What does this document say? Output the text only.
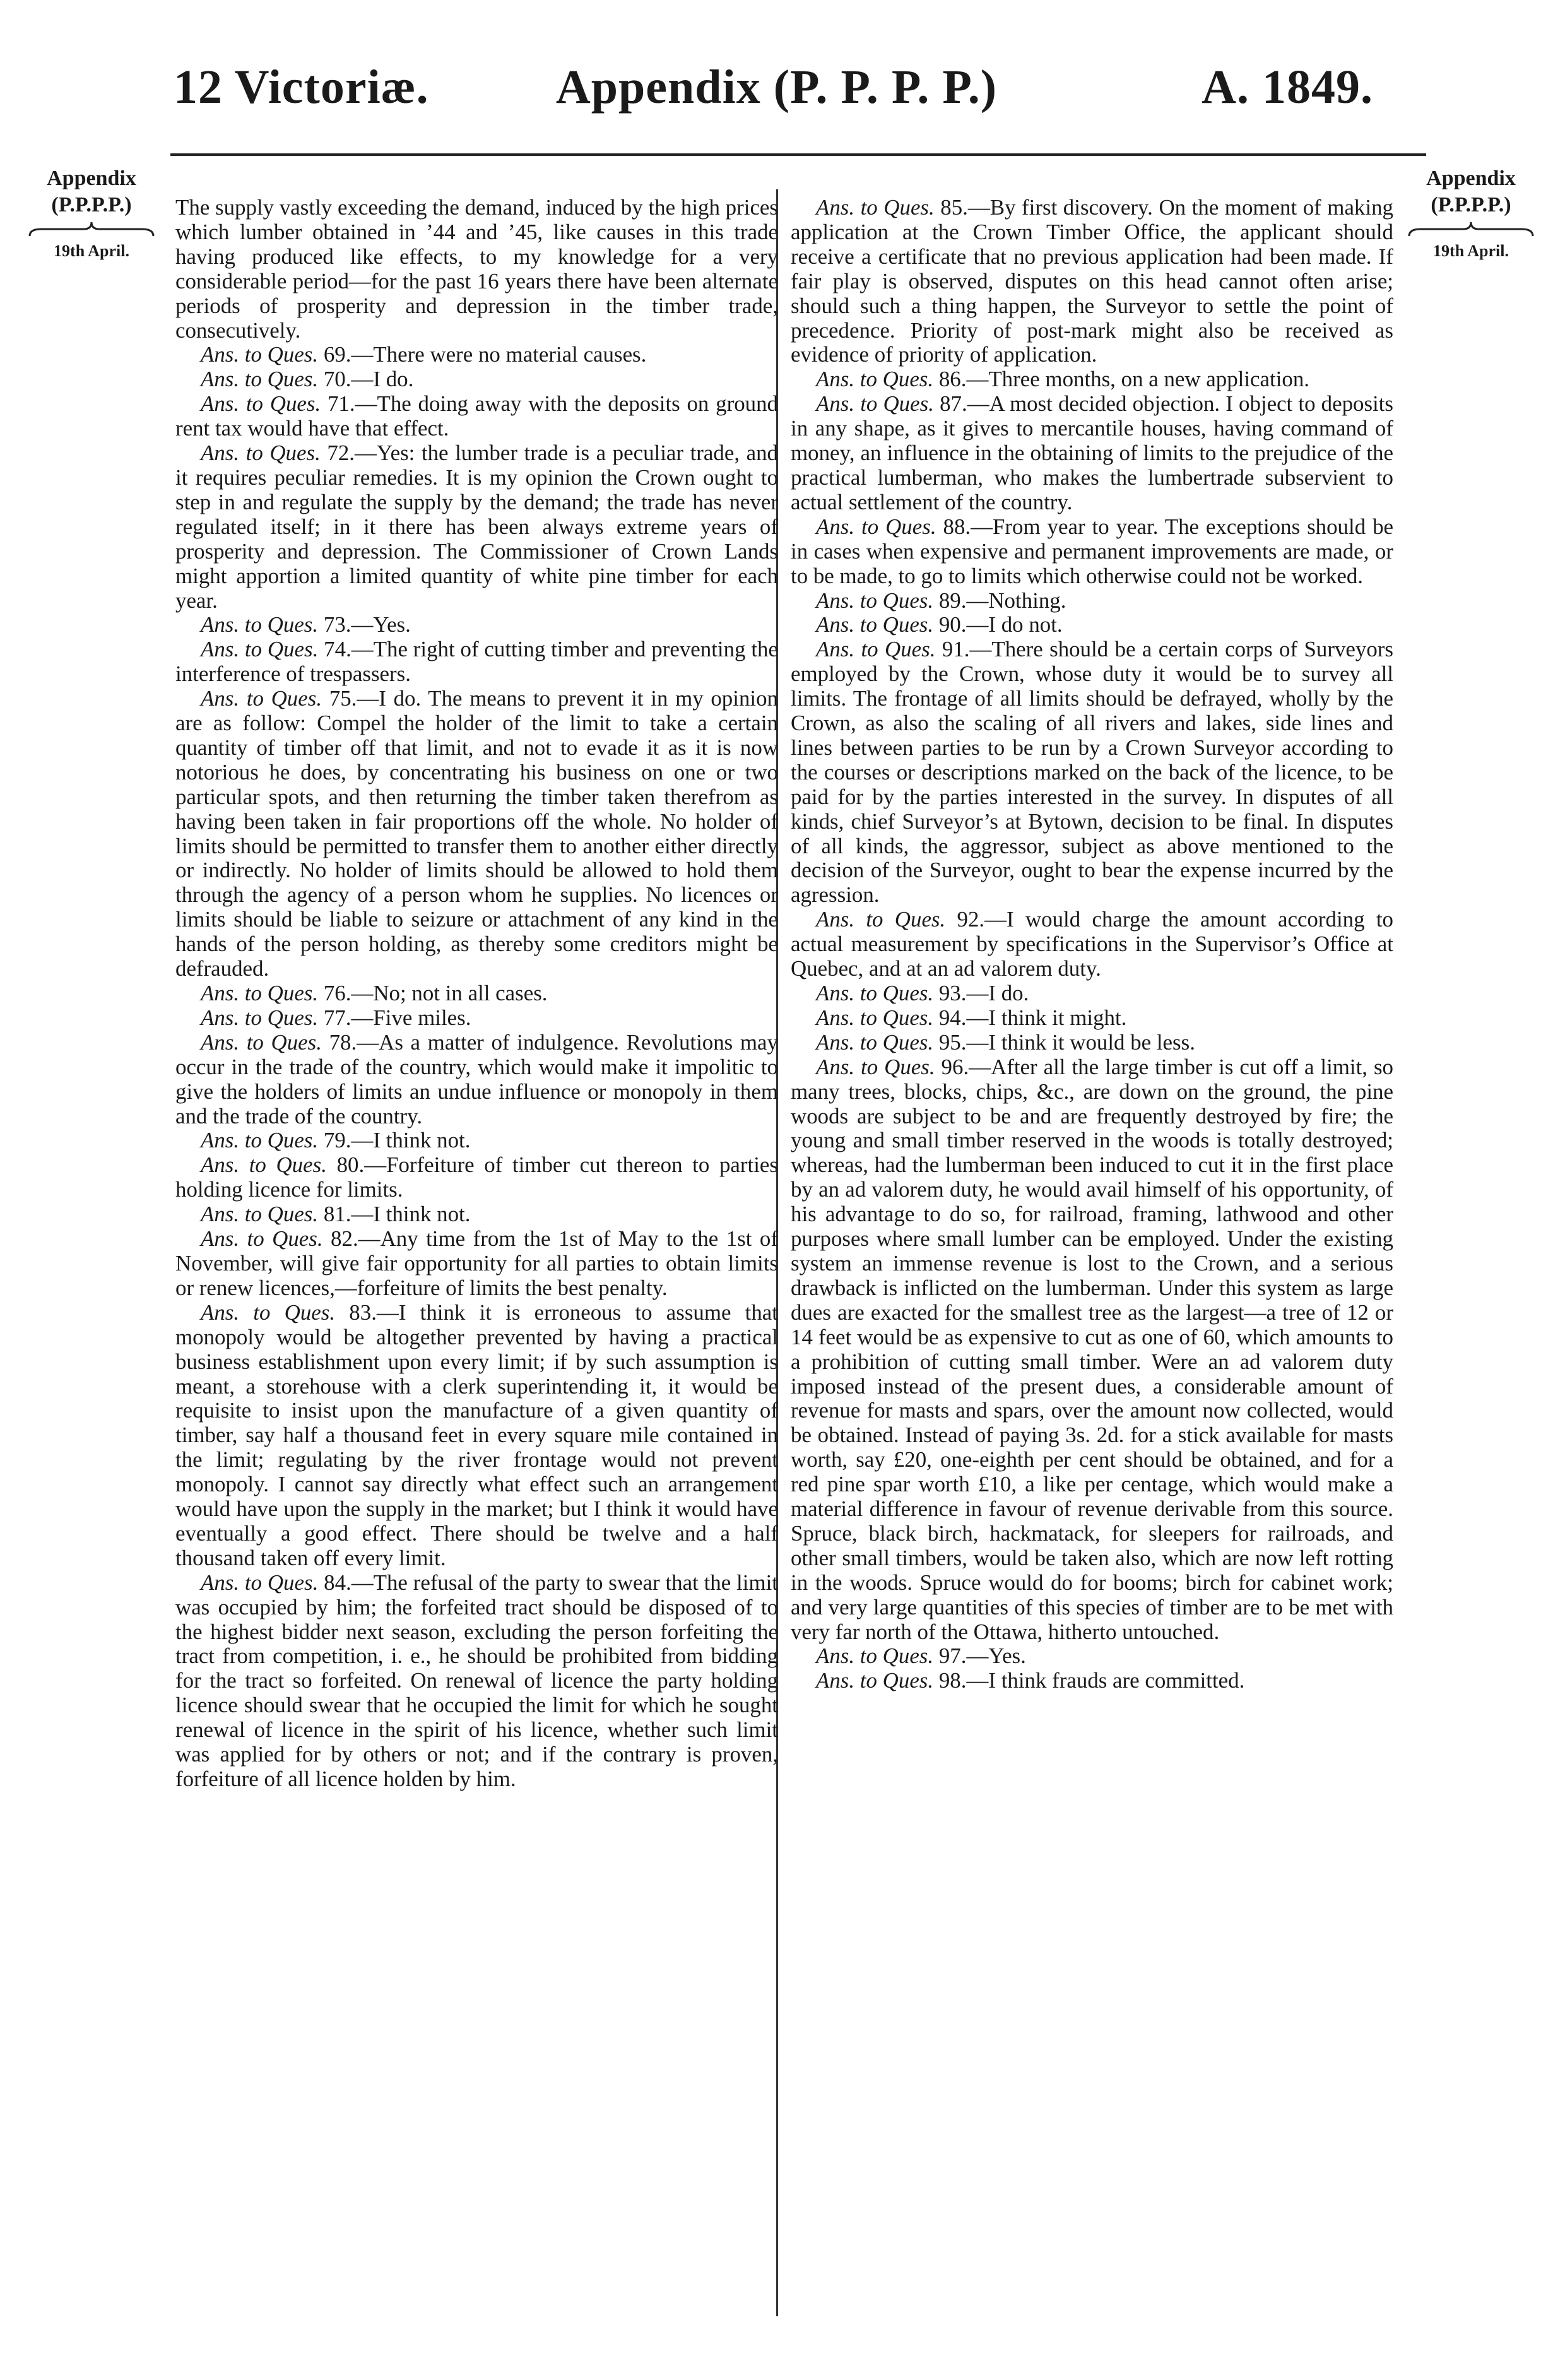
12 Victoriæ.	Appendix (P. P. P. P.)	A. 1849.
Appendix
(P.P.P.P.)
19th April.
Appendix
(P.P.P.P.)
19th April.

The supply vastly exceeding the demand, induced by the high prices which lumber obtained in ’44 and ’45, like causes in this trade having produced like effects, to my knowledge for a very considerable period—for the past 16 years there have been alternate periods of prosperity and depression in the timber trade, consecutively.

Ans. to Ques. 69.—There were no material causes.

Ans. to Ques. 70.—I do.

Ans. to Ques. 71.—The doing away with the deposits on ground rent tax would have that effect.

Ans. to Ques. 72.—Yes: the lumber trade is a peculiar trade, and it requires peculiar remedies. It is my opinion the Crown ought to step in and regulate the supply by the demand; the trade has never regulated itself; in it there has been always extreme years of prosperity and depression. The Commissioner of Crown Lands might apportion a limited quantity of white pine timber for each year.

Ans. to Ques. 73.—Yes.

Ans. to Ques. 74.—The right of cutting timber and preventing the interference of trespassers.

Ans. to Ques. 75.—I do. The means to prevent it in my opinion are as follow: Compel the holder of the limit to take a certain quantity of timber off that limit, and not to evade it as it is now notorious he does, by concentrating his business on one or two particular spots, and then returning the timber taken therefrom as having been taken in fair proportions off the whole. No holder of limits should be permitted to transfer them to another either directly or indirectly. No holder of limits should be allowed to hold them through the agency of a person whom he supplies. No licences or limits should be liable to seizure or attachment of any kind in the hands of the person holding, as thereby some creditors might be defrauded.

Ans. to Ques. 76.—No; not in all cases.

Ans. to Ques. 77.—Five miles.

Ans. to Ques. 78.—As a matter of indulgence. Revolutions may occur in the trade of the country, which would make it impolitic to give the holders of limits an undue influence or monopoly in them and the trade of the country.

Ans. to Ques. 79.—I think not.

Ans. to Ques. 80.—Forfeiture of timber cut thereon to parties holding licence for limits.

Ans. to Ques. 81.—I think not.

Ans. to Ques. 82.—Any time from the 1st of May to the 1st of November, will give fair opportunity for all parties to obtain limits or renew licences,—forfeiture of limits the best penalty.

Ans. to Ques. 83.—I think it is erroneous to assume that monopoly would be altogether prevented by having a practical business establishment upon every limit; if by such assumption is meant, a storehouse with a clerk superintending it, it would be requisite to insist upon the manufacture of a given quantity of timber, say half a thousand feet in every square mile contained in the limit; regulating by the river frontage would not prevent monopoly. I cannot say directly what effect such an arrangement would have upon the supply in the market; but I think it would have eventually a good effect. There should be twelve and a half thousand taken off every limit.

Ans. to Ques. 84.—The refusal of the party to swear that the limit was occupied by him; the forfeited tract should be disposed of to the highest bidder next season, excluding the person forfeiting the tract from competition, i. e., he should be prohibited from bidding for the tract so forfeited. On renewal of licence the party holding licence should swear that he occupied the limit for which he sought renewal of licence in the spirit of his licence, whether such limit was applied for by others or not; and if the contrary is proven, forfeiture of all licence holden by him.

Ans. to Ques. 85.—By first discovery. On the moment of making application at the Crown Timber Office, the applicant should receive a certificate that no previous application had been made. If fair play is observed, disputes on this head cannot often arise; should such a thing happen, the Surveyor to settle the point of precedence. Priority of post-mark might also be received as evidence of priority of application.

Ans. to Ques. 86.—Three months, on a new application.

Ans. to Ques. 87.—A most decided objection. I object to deposits in any shape, as it gives to mercantile houses, having command of money, an influence in the obtaining of limits to the prejudice of the practical lumberman, who makes the lumbertrade subservient to actual settlement of the country.

Ans. to Ques. 88.—From year to year. The exceptions should be in cases when expensive and permanent improvements are made, or to be made, to go to limits which otherwise could not be worked.

Ans. to Ques. 89.—Nothing.

Ans. to Ques. 90.—I do not.

Ans. to Ques. 91.—There should be a certain corps of Surveyors employed by the Crown, whose duty it would be to survey all limits. The frontage of all limits should be defrayed, wholly by the Crown, as also the scaling of all rivers and lakes, side lines and lines between parties to be run by a Crown Surveyor according to the courses or descriptions marked on the back of the licence, to be paid for by the parties interested in the survey. In disputes of all kinds, chief Surveyor’s at Bytown, decision to be final. In disputes of all kinds, the aggressor, subject as above mentioned to the decision of the Surveyor, ought to bear the expense incurred by the agression.

Ans. to Ques. 92.—I would charge the amount according to actual measurement by specifications in the Supervisor’s Office at Quebec, and at an ad valorem duty.

Ans. to Ques. 93.—I do.

Ans. to Ques. 94.—I think it might.

Ans. to Ques. 95.—I think it would be less.

Ans. to Ques. 96.—After all the large timber is cut off a limit, so many trees, blocks, chips, &c., are down on the ground, the pine woods are subject to be and are frequently destroyed by fire; the young and small timber reserved in the woods is totally destroyed; whereas, had the lumberman been induced to cut it in the first place by an ad valorem duty, he would avail himself of his opportunity, of his advantage to do so, for railroad, framing, lathwood and other purposes where small lumber can be employed. Under the existing system an immense revenue is lost to the Crown, and a serious drawback is inflicted on the lumberman. Under this system as large dues are exacted for the smallest tree as the largest—a tree of 12 or 14 feet would be as expensive to cut as one of 60, which amounts to a prohibition of cutting small timber. Were an ad valorem duty imposed instead of the present dues, a considerable amount of revenue for masts and spars, over the amount now collected, would be obtained. Instead of paying 3s. 2d. for a stick available for masts worth, say £20, one-eighth per cent should be obtained, and for a red pine spar worth £10, a like per centage, which would make a material difference in favour of revenue derivable from this source. Spruce, black birch, hackmatack, for sleepers for railroads, and other small timbers, would be taken also, which are now left rotting in the woods. Spruce would do for booms; birch for cabinet work; and very large quantities of this species of timber are to be met with very far north of the Ottawa, hitherto untouched.

Ans. to Ques. 97.—Yes.

Ans. to Ques. 98.—I think frauds are committed.
